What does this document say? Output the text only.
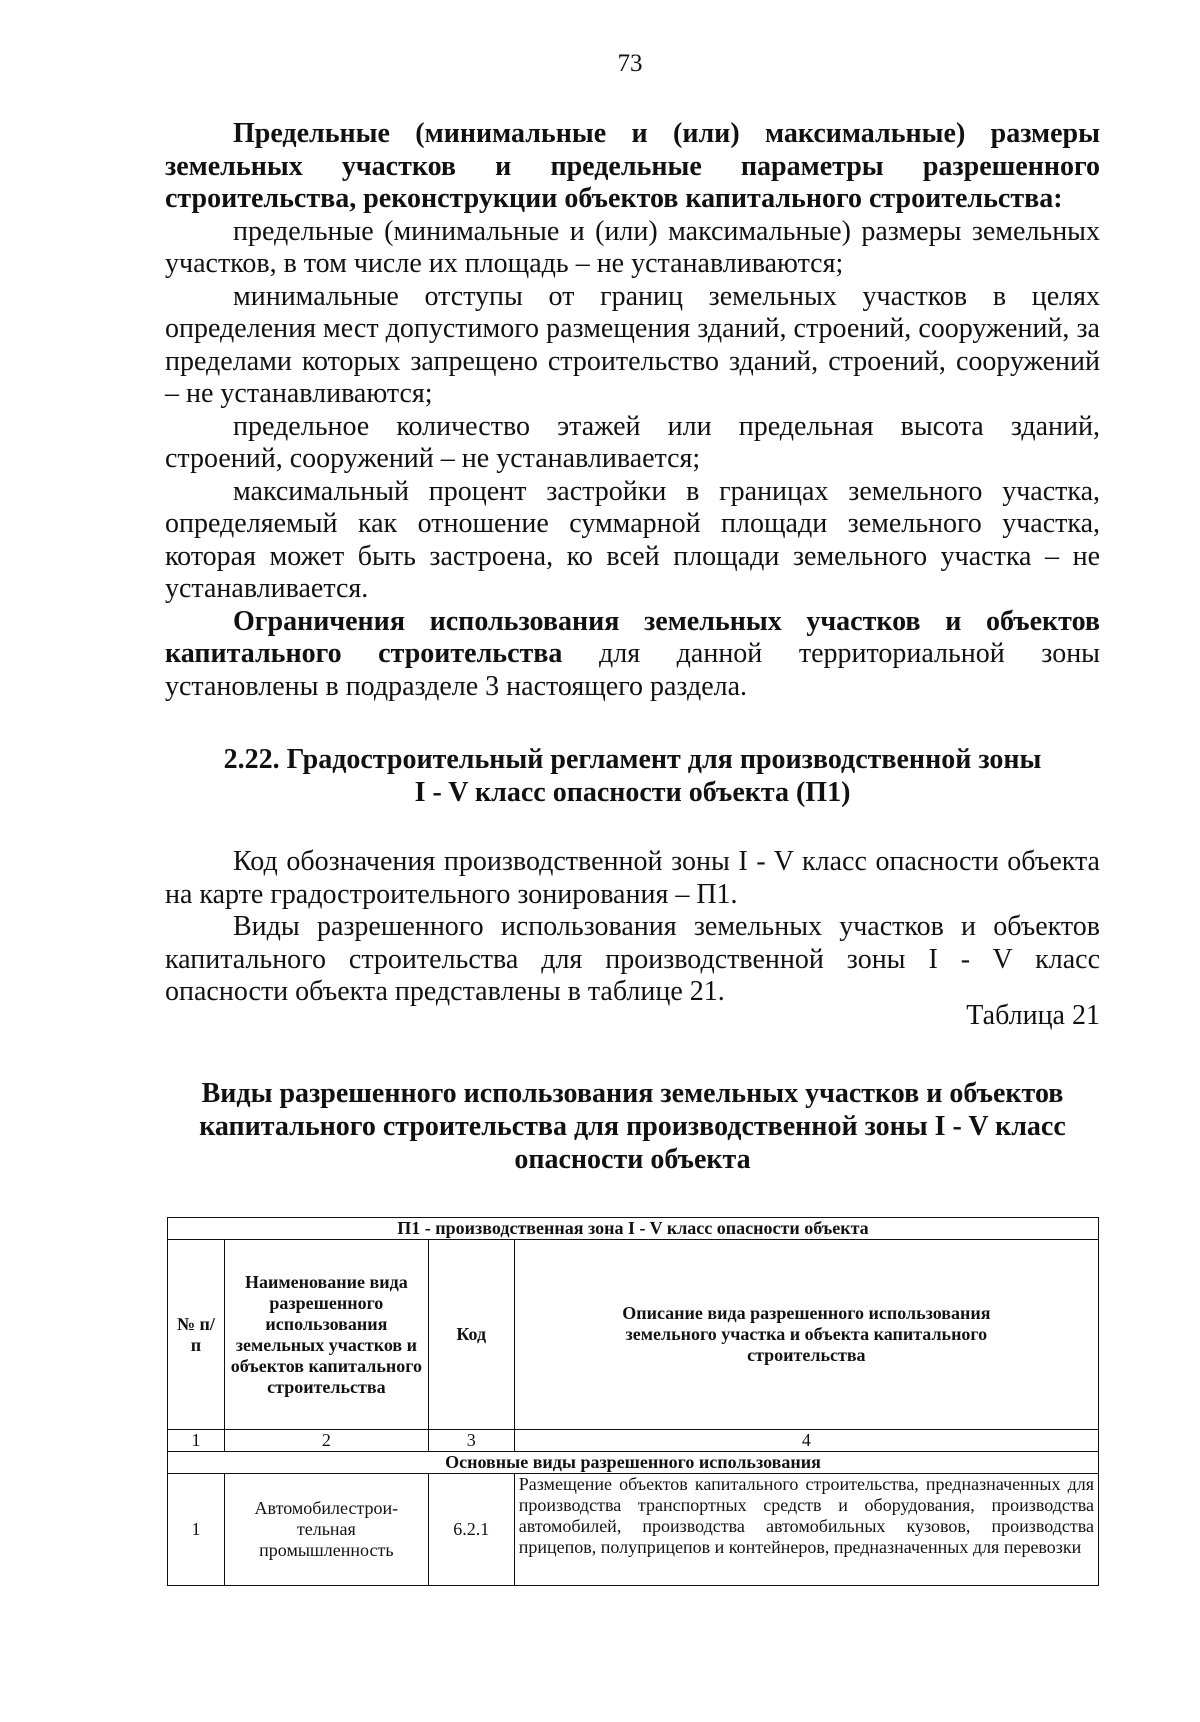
73

Предельные (минимальные и (или) максимальные) размеры земельных участков и предельные параметры разрешенного строительства, реконструкции объектов капитального строительства:

предельные (минимальные и (или) максимальные) размеры земельных участков, в том числе их площадь – не устанавливаются;

минимальные отступы от границ земельных участков в целях определения мест допустимого размещения зданий, строений, сооружений, за пределами которых запрещено строительство зданий, строений, сооружений – не устанавливаются;

предельное количество этажей или предельная высота зданий, строений, сооружений – не устанавливается;

максимальный процент застройки в границах земельного участка, определяемый как отношение суммарной площади земельного участка, которая может быть застроена, ко всей площади земельного участка – не устанавливается.

Ограничения использования земельных участков и объектов капитального строительства для данной территориальной зоны установлены в подразделе 3 настоящего раздела.

2.22. Градостроительный регламент для производственной зоны
I - V класс опасности объекта (П1)

Код обозначения производственной зоны I - V класс опасности объекта на карте градостроительного зонирования – П1.

Виды разрешенного использования земельных участков и объектов капитального строительства для производственной зоны I - V класс опасности объекта представлены в таблице 21.

Таблица 21
Виды разрешенного использования земельных участков и объектов
капитального строительства для производственной зоны I - V класс
опасности объекта
П1 - производственная зона I - V класс опасности объекта			
№ п/п	Наименование вида разрешенного использования земельных участков и объектов капитального строительства	Код	Описание вида разрешенного использования земельного участка и объекта капитального строительства
1	2	3	4
Основные виды разрешенного использования			
1	Автомобилестрои-тельная промышленность	6.2.1	Размещение объектов капитального строительства, предназначенных для производства транспортных средств и оборудования, производства автомобилей, производства автомобильных кузовов, производства прицепов, полуприцепов и контейнеров, предназначенных для перевозки
